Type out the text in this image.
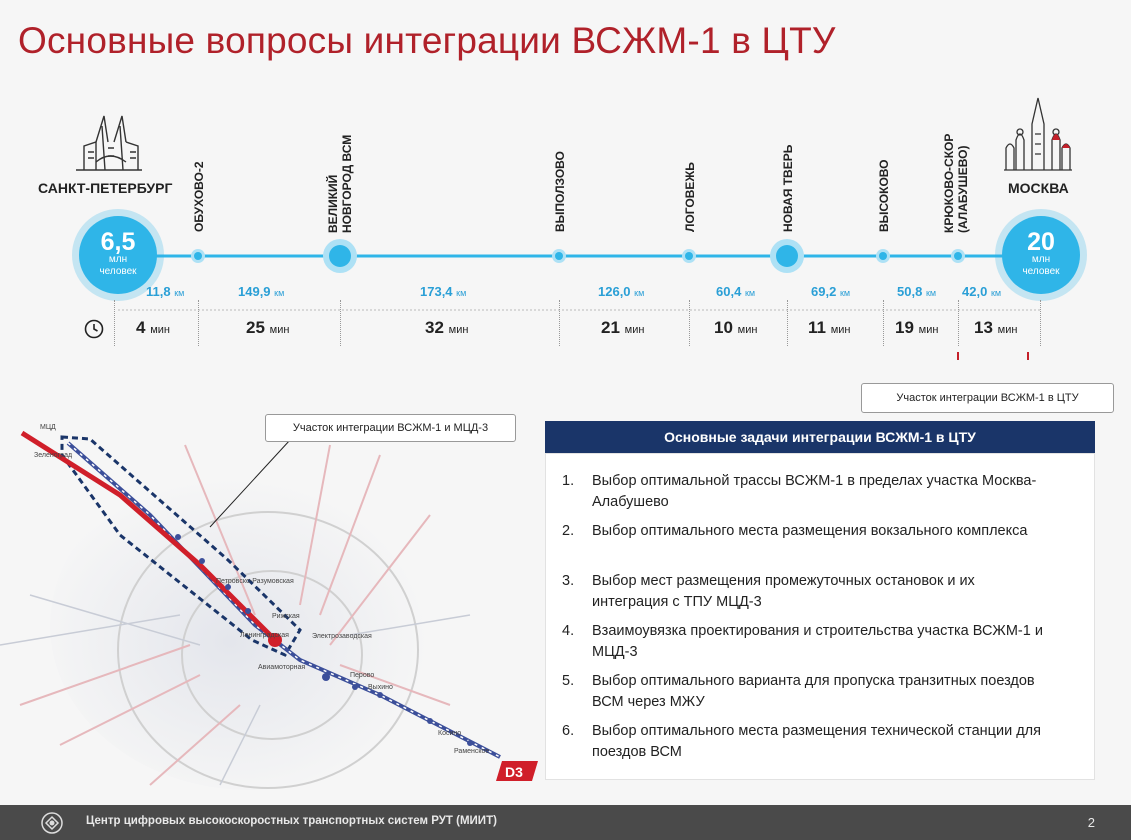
Основные вопросы интеграции ВСЖМ-1 в ЦТУ
САНКТ-ПЕТЕРБУРГ	МОСКВА
6,5
млн
человек
20
млн
человек
ОБУХОВО-2	ВЕЛИКИЙ НОВГОРОД ВСМ	ВЫПОЛЗОВО	ЛОГОВЕЖЬ	НОВАЯ ТВЕРЬ	ВЫСОКОВО	КРЮКОВО-СКОР (АЛАБУШЕВО)
11,8 км	149,9 км	173,4 км	126,0 км	60,4 км	69,2 км	50,8 км 42,0 км
4 мин	25 мин	32 мин	21 мин	10 мин	11 мин	19 мин 13 мин
Участок интеграции ВСЖМ-1 в ЦТУ
D3
МЦД
Зеленоград
Петровско-Разумовская
Рижская
Ленинградская	Электрозаводская
Авиамоторная
Перово
Выхино
Косино
Раменское
Участок интеграции ВСЖМ-1 и МЦД-3
Основные задачи интеграции ВСЖМ-1 в ЦТУ
1. Выбор оптимальной трассы ВСЖМ-1 в пределах участка Москва-Алабушево
2. Выбор оптимального места размещения вокзального комплекса
3. Выбор мест размещения промежуточных остановок и их интеграция с ТПУ МЦД-3
4. Взаимоувязка проектирования и строительства участка ВСЖМ-1 и МЦД-3
5. Выбор оптимального варианта для пропуска транзитных поездов ВСМ через МЖУ
6. Выбор оптимального места размещения технической станции для поездов ВСМ
Центр цифровых высокоскоростных транспортных систем РУТ (МИИТ)	2
